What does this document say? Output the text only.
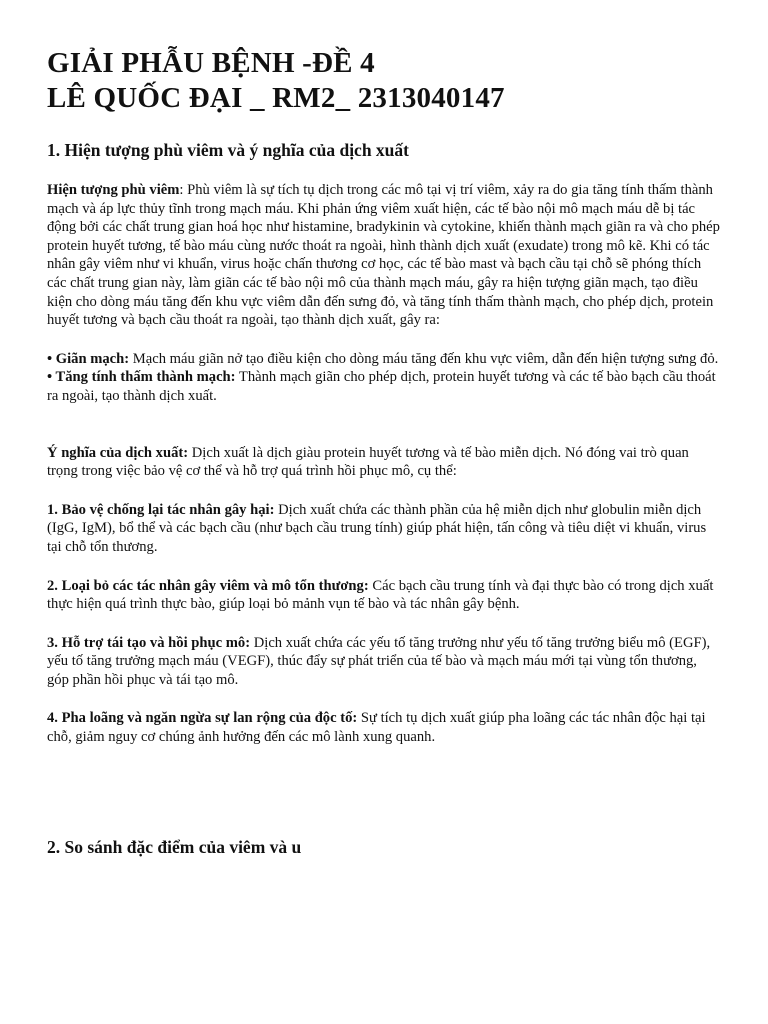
GIẢI PHẪU BỆNH -ĐỀ 4
LÊ QUỐC ĐẠI _ RM2_ 2313040147
1. Hiện tượng phù viêm và ý nghĩa của dịch xuất

Hiện tượng phù viêm: Phù viêm là sự tích tụ dịch trong các mô tại vị trí viêm, xảy ra do gia tăng tính thấm thành mạch và áp lực thủy tĩnh trong mạch máu. Khi phản ứng viêm xuất hiện, các tế bào nội mô mạch máu dễ bị tác động bởi các chất trung gian hoá học như histamine, bradykinin và cytokine, khiến thành mạch giãn ra và cho phép protein huyết tương, tế bào máu cùng nước thoát ra ngoài, hình thành dịch xuất (exudate) trong mô kẽ. Khi có tác nhân gây viêm như vi khuẩn, virus hoặc chấn thương cơ học, các tế bào mast và bạch cầu tại chỗ sẽ phóng thích các chất trung gian này, làm giãn các tế bào nội mô của thành mạch máu, gây ra hiện tượng giãn mạch, tạo điều kiện cho dòng máu tăng đến khu vực viêm dẫn đến sưng đỏ, và tăng tính thấm thành mạch, cho phép dịch, protein huyết tương và bạch cầu thoát ra ngoài, tạo thành dịch xuất, gây ra:

• Giãn mạch: Mạch máu giãn nở tạo điều kiện cho dòng máu tăng đến khu vực viêm, dẫn đến hiện tượng sưng đỏ.

• Tăng tính thấm thành mạch: Thành mạch giãn cho phép dịch, protein huyết tương và các tế bào bạch cầu thoát ra ngoài, tạo thành dịch xuất.

Ý nghĩa của dịch xuất: Dịch xuất là dịch giàu protein huyết tương và tế bào miễn dịch. Nó đóng vai trò quan trọng trong việc bảo vệ cơ thể và hỗ trợ quá trình hồi phục mô, cụ thể:

1. Bảo vệ chống lại tác nhân gây hại: Dịch xuất chứa các thành phần của hệ miễn dịch như globulin miễn dịch (IgG, IgM), bổ thể và các bạch cầu (như bạch cầu trung tính) giúp phát hiện, tấn công và tiêu diệt vi khuẩn, virus tại chỗ tổn thương.

2. Loại bỏ các tác nhân gây viêm và mô tổn thương: Các bạch cầu trung tính và đại thực bào có trong dịch xuất thực hiện quá trình thực bào, giúp loại bỏ mảnh vụn tế bào và tác nhân gây bệnh.

3. Hỗ trợ tái tạo và hồi phục mô: Dịch xuất chứa các yếu tố tăng trưởng như yếu tố tăng trưởng biểu mô (EGF), yếu tố tăng trưởng mạch máu (VEGF), thúc đẩy sự phát triển của tế bào và mạch máu mới tại vùng tổn thương, góp phần hồi phục và tái tạo mô.

4. Pha loãng và ngăn ngừa sự lan rộng của độc tố: Sự tích tụ dịch xuất giúp pha loãng các tác nhân độc hại tại chỗ, giảm nguy cơ chúng ảnh hưởng đến các mô lành xung quanh.

2. So sánh đặc điểm của viêm và u
